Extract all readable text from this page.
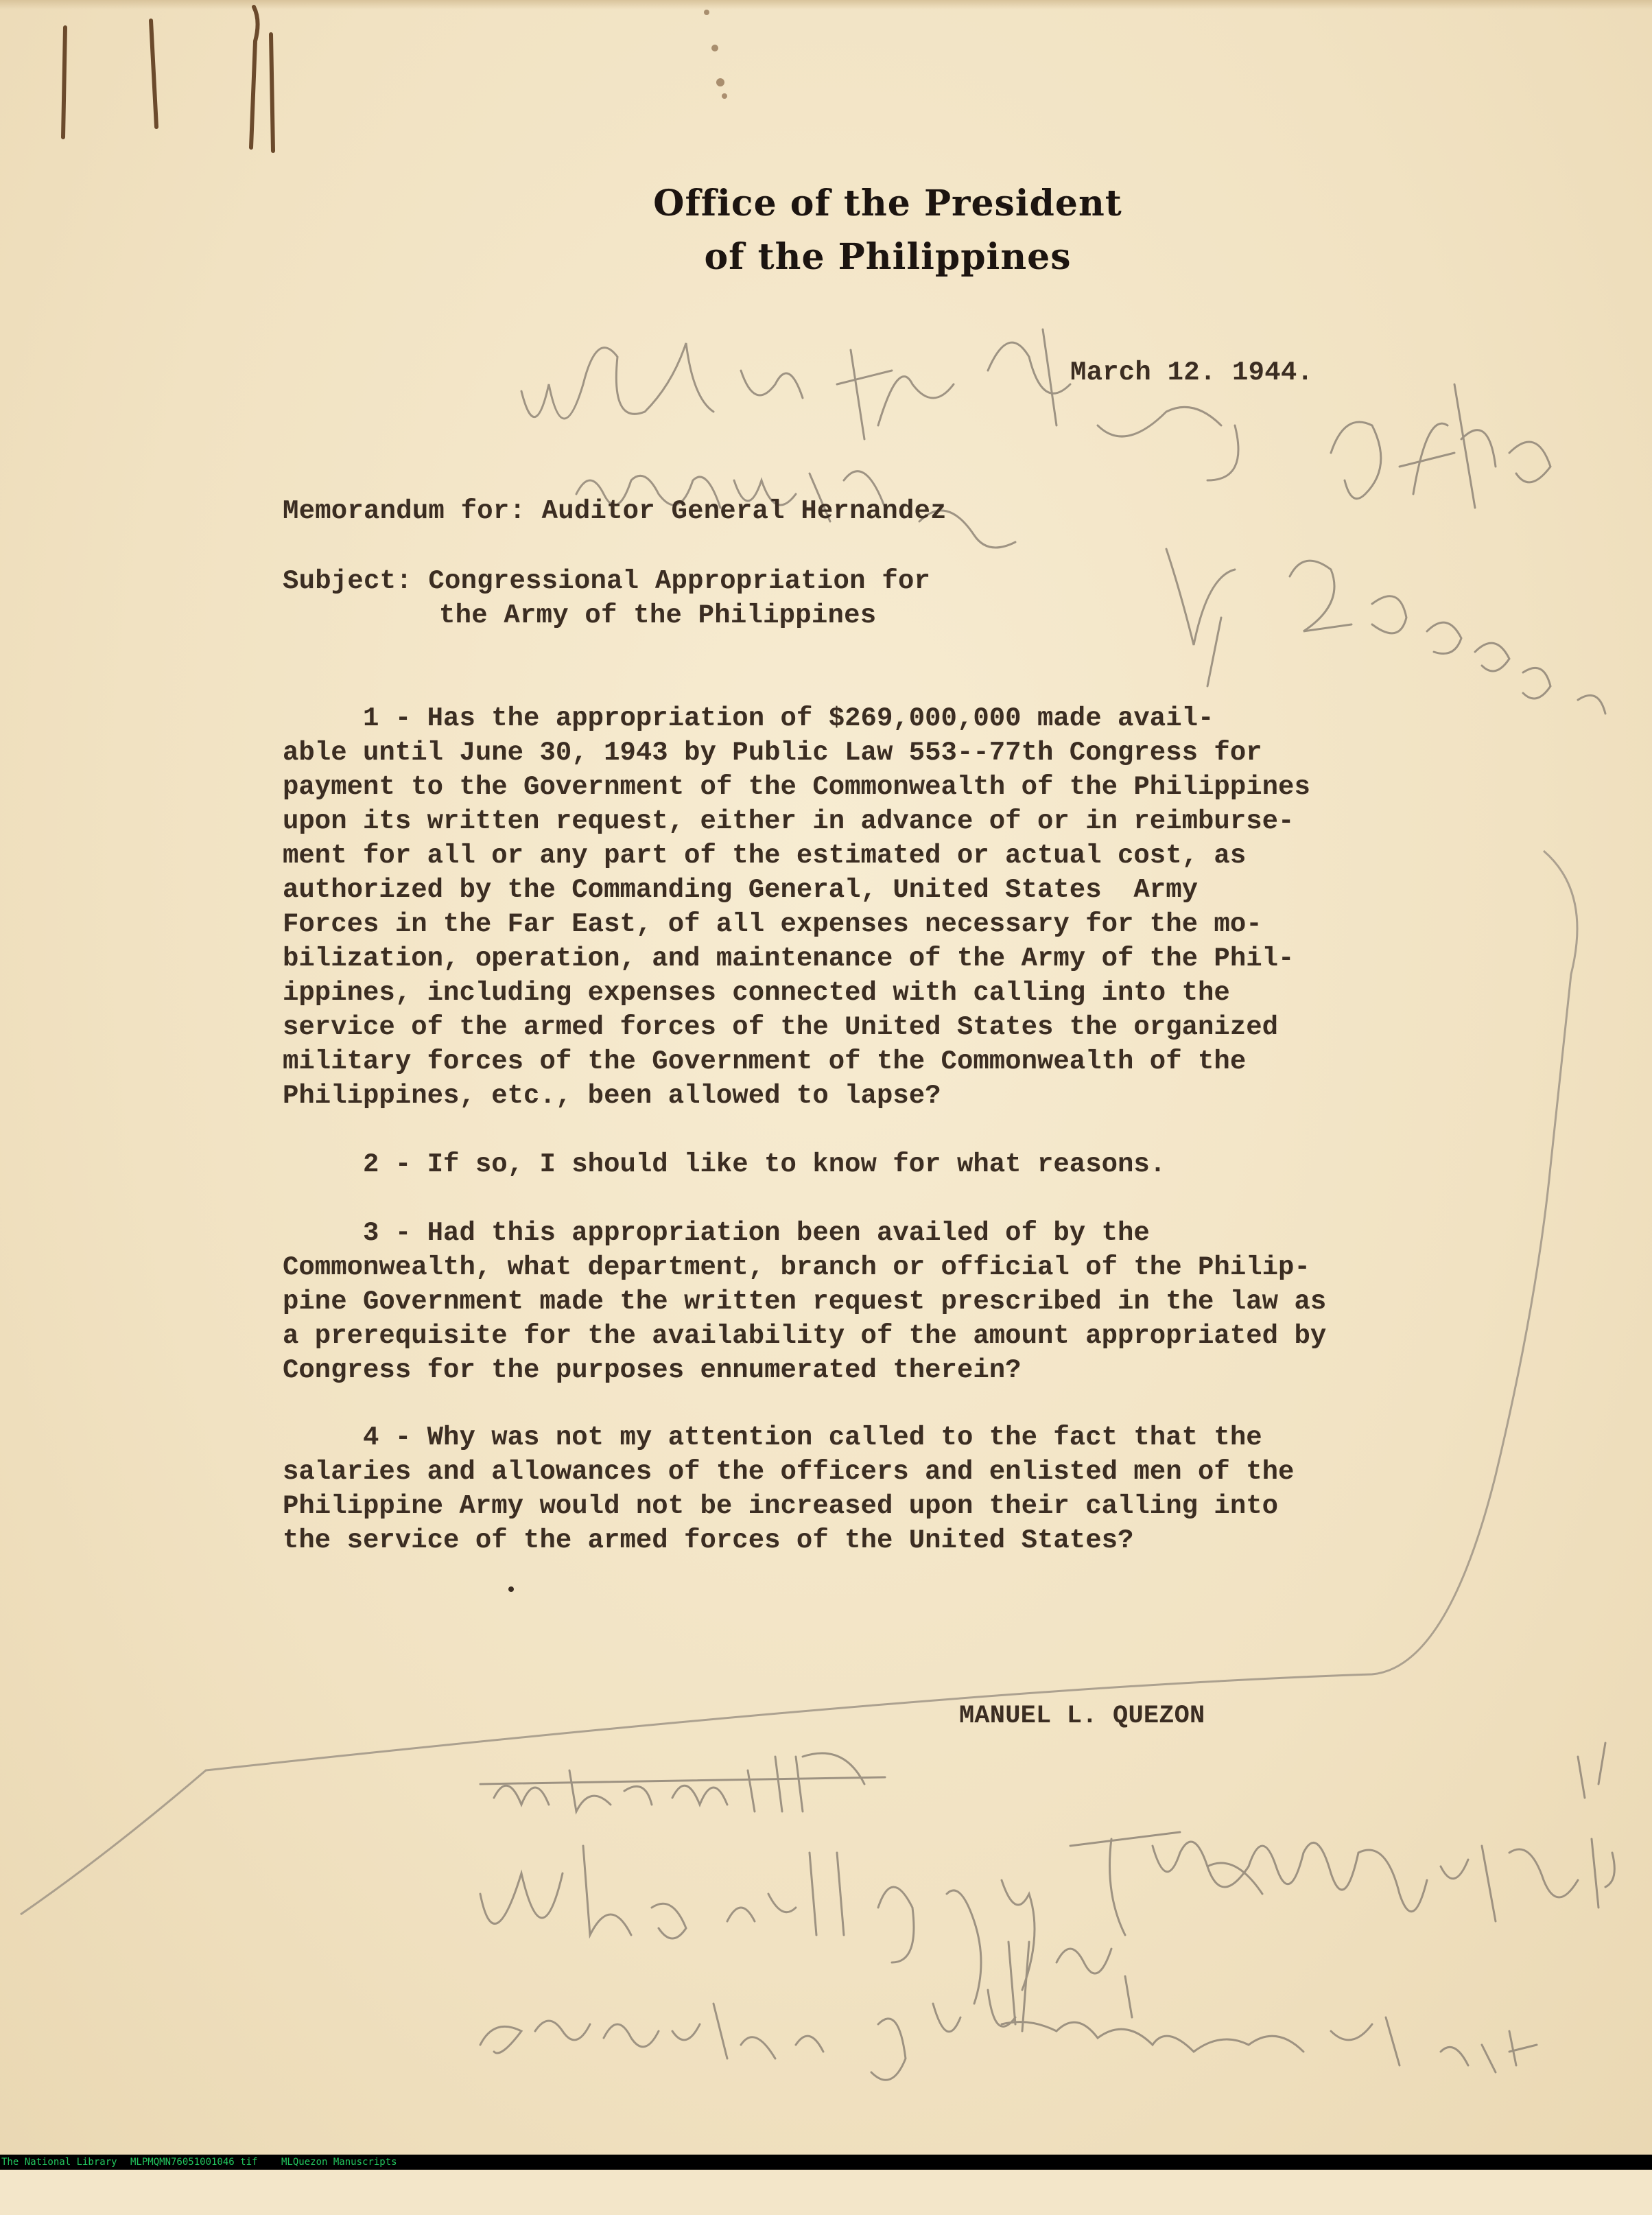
Office of the President
of the Philippines
March 12. 1944.
Memorandum for: Auditor General Hernandez
Subject: Congressional Appropriation for
the Army of the Philippines
1 - Has the appropriation of $269,000,000 made avail-
able until June 30, 1943 by Public Law 553--77th Congress for
payment to the Government of the Commonwealth of the Philippines
upon its written request, either in advance of or in reimburse-
ment for all or any part of the estimated or actual cost, as
authorized by the Commanding General, United States  Army
Forces in the Far East, of all expenses necessary for the mo-
bilization, operation, and maintenance of the Army of the Phil-
ippines, including expenses connected with calling into the
service of the armed forces of the United States the organized
military forces of the Government of the Commonwealth of the
Philippines, etc., been allowed to lapse?
2 - If so, I should like to know for what reasons.
3 - Had this appropriation been availed of by the
Commonwealth, what department, branch or official of the Philip-
pine Government made the written request prescribed in the law as
a prerequisite for the availability of the amount appropriated by
Congress for the purposes ennumerated therein?
4 - Why was not my attention called to the fact that the
salaries and allowances of the officers and enlisted men of the
Philippine Army would not be increased upon their calling into
the service of the armed forces of the United States?
MANUEL L. QUEZON

The National Library

MLPMQMN76051001046 tif

MLQuezon Manuscripts
